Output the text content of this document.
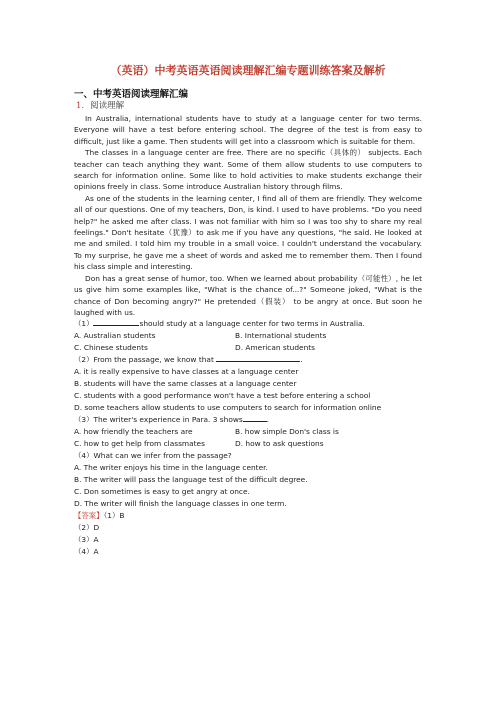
（英语）中考英语英语阅读理解汇编专题训练答案及解析
一、中考英语阅读理解汇编
1. 阅读理解

In Australia, international students have to study at a language center for two terms. Everyone will have a test before entering school. The degree of the test is from easy to difficult, just like a game. Then students will get into a classroom which is suitable for them.

The classes in a language center are free. There are no specific（具体的） subjects. Each teacher can teach anything they want. Some of them allow students to use computers to search for information online. Some like to hold activities to make students exchange their opinions freely in class. Some introduce Australian history through films.

As one of the students in the learning center, I find all of them are friendly. They welcome all of our questions. One of my teachers, Don, is kind. I used to have problems. "Do you need help?" he asked me after class. I was not familiar with him so I was too shy to share my real feelings." Don't hesitate（犹豫）to ask me if you have any questions, "he said. He looked at me and smiled. I told him my trouble in a small voice. I couldn't understand the vocabulary. To my surprise, he gave me a sheet of words and asked me to remember them. Then I found his class simple and interesting.

Don has a great sense of humor, too. When we learned about probability（可能性）, he let us give him some examples like, "What is the chance of...?" Someone joked, "What is the chance of Don becoming angry?" He pretended（假装） to be angry at once. But soon he laughed with us.

（1）	should study at a language center for two terms in Australia.
A. Australian students	B. International students
C. Chinese students	D. American students
（2）From the passage, we know that	.
A. it is really expensive to have classes at a language center
B. students will have the same classes at a language center
C. students with a good performance won't have a test before entering a school
D. some teachers allow students to use computers to search for information online
（3）The writer's experience in Para. 3 shows	.
A. how friendly the teachers are	B. how simple Don's class is
C. how to get help from classmates	D. how to ask questions
（4）What can we infer from the passage?
A. The writer enjoys his time in the language center.
B. The writer will pass the language test of the difficult degree.
C. Don sometimes is easy to get angry at once.
D. The writer will finish the language classes in one term.
【答案】（1）B
（2）D
（3）A
（4）A
